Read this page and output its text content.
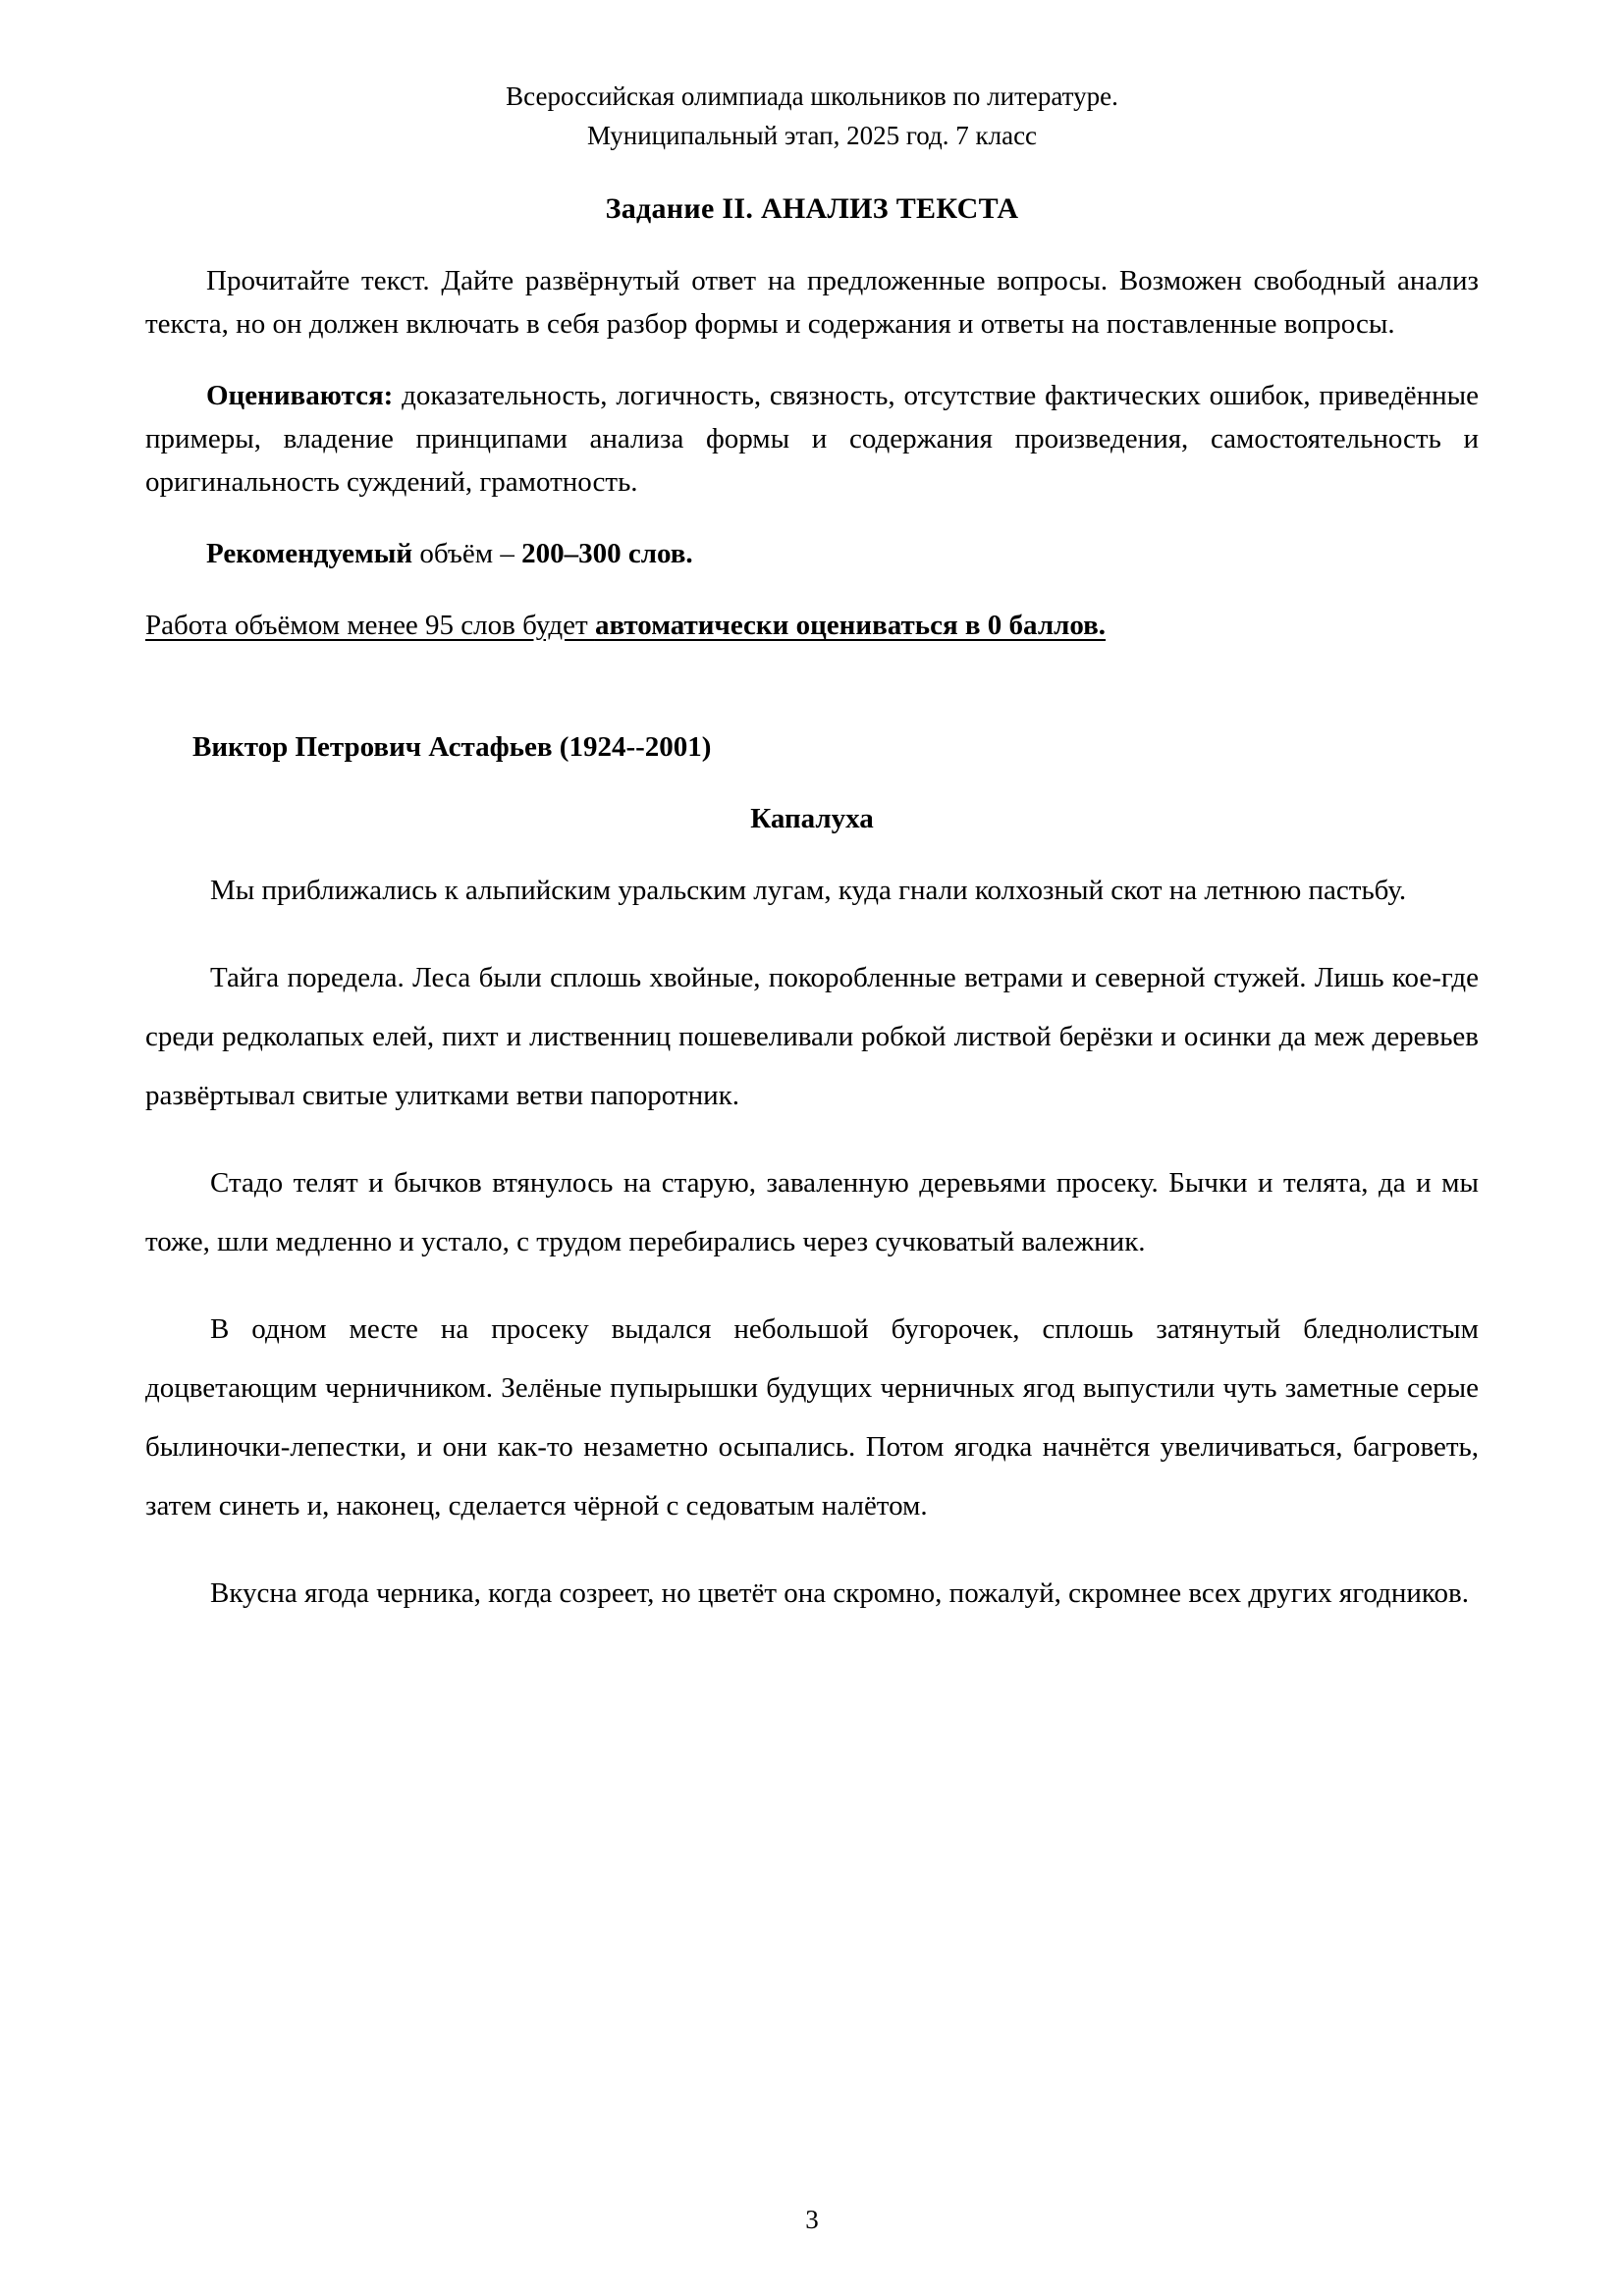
Всероссийская олимпиада школьников по литературе.
Муниципальный этап, 2025 год. 7 класс
Задание II. АНАЛИЗ ТЕКСТА

Прочитайте текст. Дайте развёрнутый ответ на предложенные вопросы. Возможен свободный анализ текста, но он должен включать в себя разбор формы и содержания и ответы на поставленные вопросы.

Оцениваются: доказательность, логичность, связность, отсутствие фактических ошибок, приведённые примеры, владение принципами анализа формы и содержания произведения, самостоятельность и оригинальность суждений, грамотность.

Рекомендуемый объём – 200–300 слов.

Работа объёмом менее 95 слов будет автоматически оцениваться в 0 баллов.

Виктор Петрович Астафьев (1924--2001)
Капалуха

Мы приближались к альпийским уральским лугам, куда гнали колхозный скот на летнюю пастьбу.

Тайга поредела. Леса были сплошь хвойные, покоробленные ветрами и северной стужей. Лишь кое-где среди редколапых елей, пихт и лиственниц пошевеливали робкой листвой берёзки и осинки да меж деревьев развёртывал свитые улитками ветви папоротник.

Стадо телят и бычков втянулось на старую, заваленную деревьями просеку. Бычки и телята, да и мы тоже, шли медленно и устало, с трудом перебирались через сучковатый валежник.

В одном месте на просеку выдался небольшой бугорочек, сплошь затянутый бледнолистым доцветающим черничником. Зелёные пупырышки будущих черничных ягод выпустили чуть заметные серые былиночки-лепестки, и они как-то незаметно осыпались. Потом ягодка начнётся увеличиваться, багроветь, затем синеть и, наконец, сделается чёрной с седоватым налётом.

Вкусна ягода черника, когда созреет, но цветёт она скромно, пожалуй, скромнее всех других ягодников.

3
